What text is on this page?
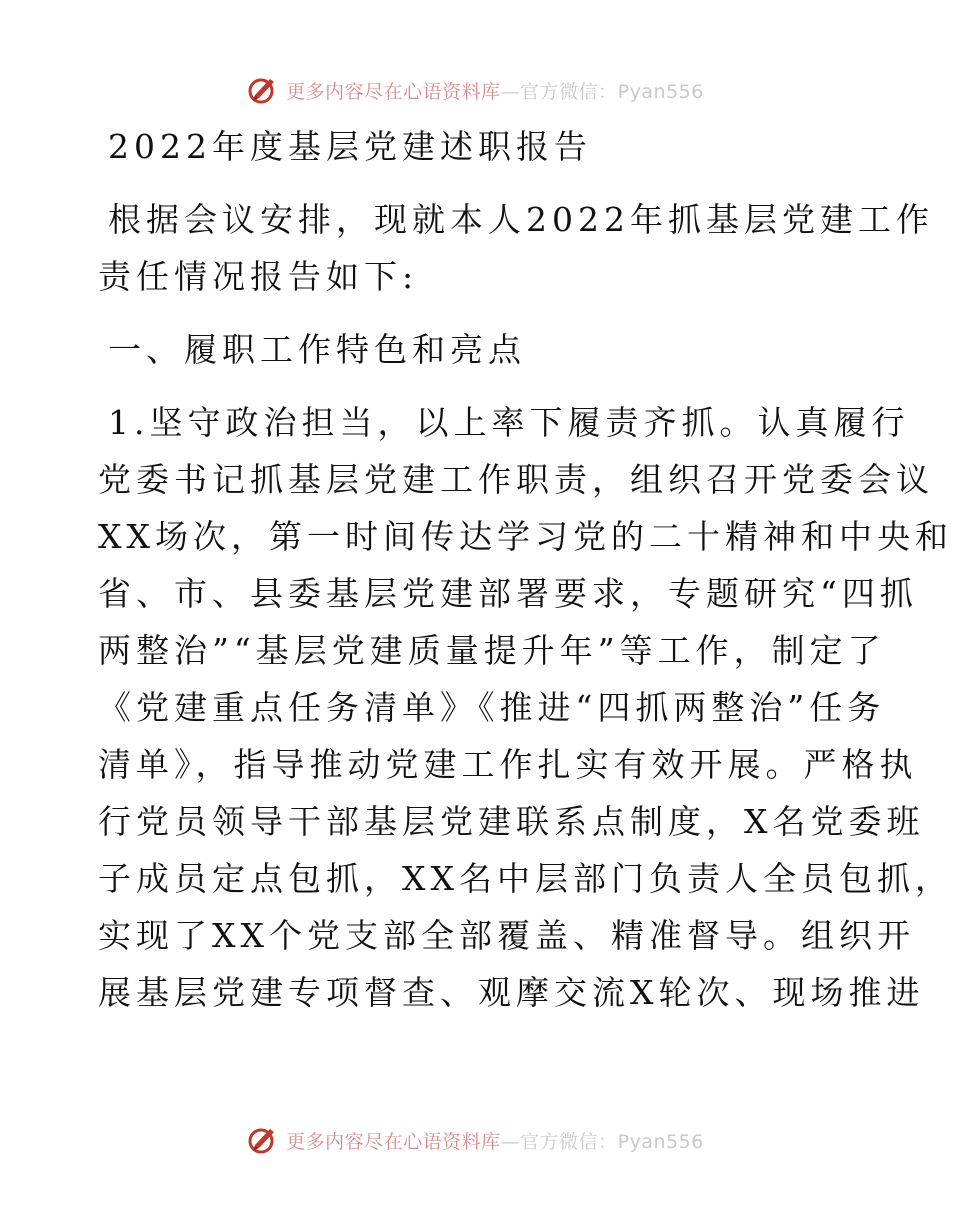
更多内容尽在心语资料库—官方微信：Pyan556
2022年度基层党建述职报告
根据会议安排，现就本人2022年抓基层党建工作
责任情况报告如下:
一、履职工作特色和亮点
1.坚守政治担当，以上率下履责齐抓。认真履行
党委书记抓基层党建工作职责，组织召开党委会议
XX场次，第一时间传达学习党的二十精神和中央和
省、市、县委基层党建部署要求，专题研究“四抓
两整治”“基层党建质量提升年”等工作，制定了
《党建重点任务清单》《推进“四抓两整治”任务
清单》，指导推动党建工作扎实有效开展。严格执
行党员领导干部基层党建联系点制度，X名党委班
子成员定点包抓，XX名中层部门负责人全员包抓，
实现了XX个党支部全部覆盖、精准督导。组织开
展基层党建专项督查、观摩交流X轮次、现场推进
更多内容尽在心语资料库—官方微信：Pyan556
